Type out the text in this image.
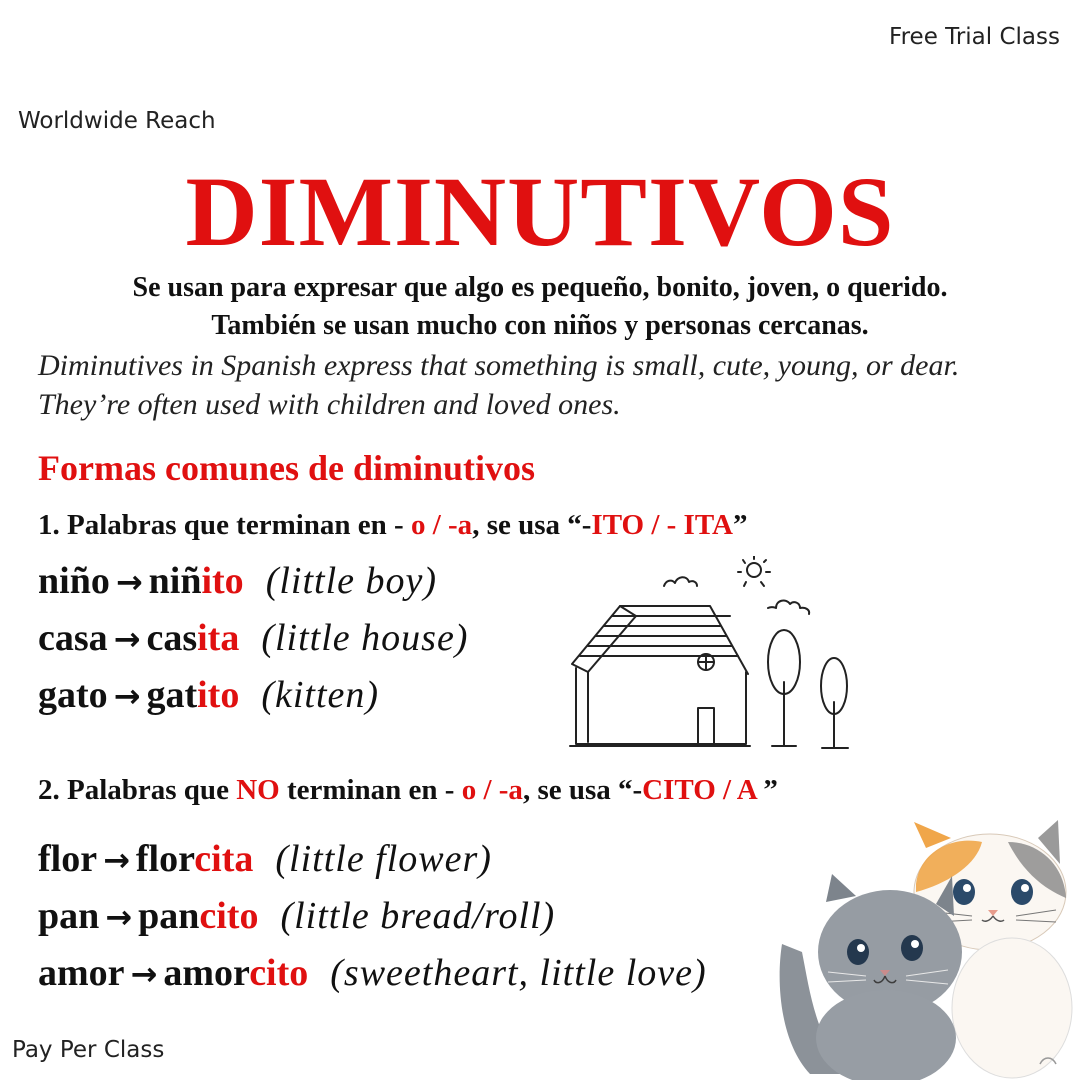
Free Trial Class
Worldwide Reach
Pay Per Class
DIMINUTIVOS
Se usan para expresar que algo es pequeño, bonito, joven, o querido.
También se usan mucho con niños y personas cercanas.
Diminutives in Spanish express that something is small, cute, young, or dear. They’re often used with children and loved ones.
Formas comunes de diminutivos
1. Palabras que terminan en - o / -a, se usa “-ITO / - ITA”
niño → niñito (little boy)
casa → casita (little house)
gato → gatito (kitten)
2. Palabras que NO terminan en - o / -a, se usa “-CITO / A ”
flor → florcita (little flower)
pan → pancito (little bread/roll)
amor → amorcito (sweetheart, little love)
